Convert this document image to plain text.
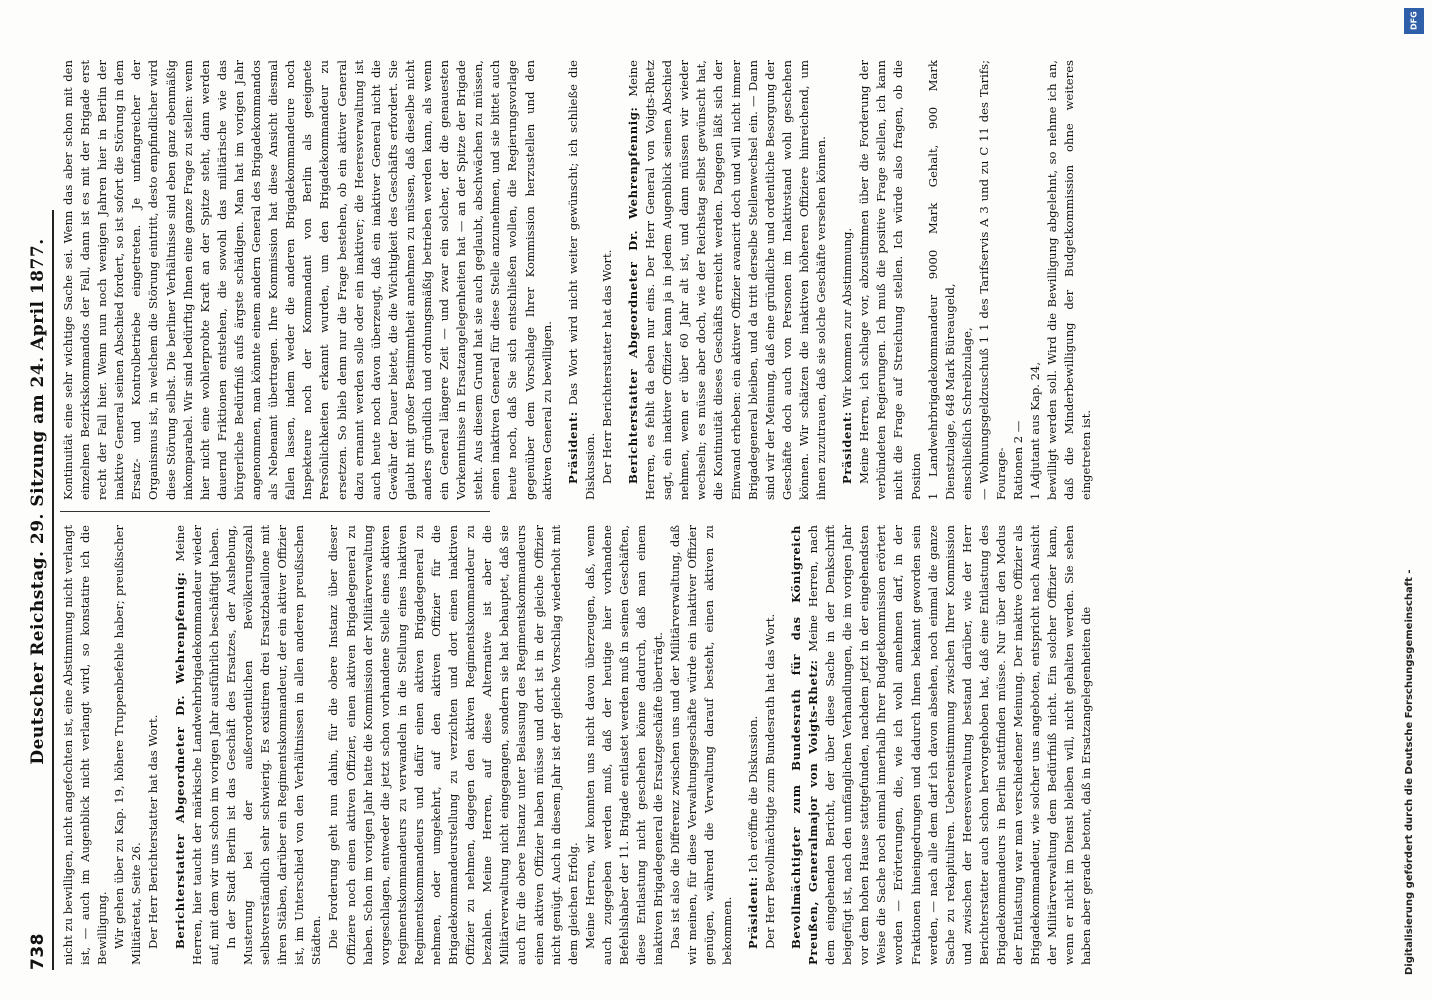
738
Deutscher Reichstag. 29. Sitzung am 24. April 1877. nicht zu bewilligen, nicht angefochten ist, eine Abstimmung nicht verlangt ist, — auch im Augenblick nicht verlangt wird, so konstatire ich die Bewilligung. Wir gehen über zu Kap. 19, höhere Truppenbefehle haber; preußischer Militäretat, Seite 26. Der Herr Berichterstatter hat das Wort. Berichterstatter Abgeordneter Dr. Wehrenpfennig: Meine Herren, hier taucht der märkische Landwehrbrigadekommandeur wieder auf, mit dem wir uns schon im vorigen Jahr ausführlich beschäftigt haben. In der Stadt Berlin ist das Geschäft des Ersatzes, der Aushebung, Musterung bei der außerordentlichen Bevölkerungszahl selbstverständlich sehr schwierig. Es existiren drei Ersatzbataillone mit ihren Stäben, darüber ein Regimentskommandeur, der ein aktiver Offizier ist, im Unterschied von den Verhältnissen in allen anderen preußischen Städten. Die Forderung geht nun dahin, für die obere Instanz über dieser Offiziere noch einen aktiven Offizier, einen aktiven Brigadegeneral zu haben. Schon im vorigen Jahr hatte die Kommission der Militärverwaltung vorgeschlagen, entweder die jetzt schon vorhandene Stelle eines aktiven Regimentskommandeurs zu verwandeln in die Stellung eines inaktiven Regimentskommandeurs und dafür einen aktiven Brigadegeneral zu nehmen, oder umgekehrt, auf den aktiven Offizier für die Brigadekommandeurstellung zu verzichten und dort einen inaktiven Offizier zu nehmen, dagegen den aktiven Regimentskommandeur zu bezahlen. Meine Herren, auf diese Alternative ist aber die Militärverwaltung nicht eingegangen, sondern sie hat behauptet, daß sie auch für die obere Instanz unter Belassung des Regimentskommandeurs einen aktiven Offizier haben müsse und dort ist in der gleiche Offizier nicht genügt. Auch in diesem Jahr ist der gleiche Vorschlag wiederholt mit dem gleichen Erfolg. Meine Herren, wir konnten uns nicht davon überzeugen, daß, wenn auch zugegeben werden muß, daß der heutige hier vorhandene Befehlshaber der 11. Brigade entlastet werden muß in seinen Geschäften, diese Entlastung nicht geschehen könne dadurch, daß man einem inaktiven Brigadegeneral die Ersatzgeschäfte überträgt. Das ist also die Differenz zwischen uns und der Militärverwaltung, daß wir meinen, für diese Verwaltungsgeschäfte würde ein inaktiver Offizier genügen, während die Verwaltung darauf besteht, einen aktiven zu bekommen. Präsident: Ich eröffne die Diskussion. Der Herr Bevollmächtigte zum Bundesrath hat das Wort. Bevollmächtigter zum Bundesrath für das Königreich Preußen, Generalmajor von Voigts-Rhetz: Meine Herren, nach dem eingehenden Bericht, der über diese Sache in der Denkschrift beigefügt ist, nach den umfänglichen Verhandlungen, die im vorigen Jahr vor dem hohen Hause stattgefunden, nachdem jetzt in der eingehendsten Weise die Sache noch einmal innerhalb Ihrer Budgetkommission erörtert worden — Erörterungen, die, wie ich wohl annehmen darf, in der Fraktionen hineingedrungen und dadurch Ihnen bekannt geworden sein werden, — nach alle dem darf ich davon absehen, noch einmal die ganze Sache zu rekapituliren. Uebereinstimmung zwischen Ihrer Kommission und zwischen der Heeresverwaltung bestand darüber, wie der Herr Berichterstatter auch schon hervorgehoben hat, daß eine Entlastung des Brigadekommandeurs in Berlin stattfinden müsse. Nur über den Modus der Entlastung war man verschiedener Meinung. Der inaktive Offizier als Brigadekommandeur, wie solcher uns angeboten, entspricht nach Ansicht der Militärverwaltung dem Bedürfniß nicht. Ein solcher Offizier kann, wenn er nicht im Dienst bleiben will, nicht gehalten werden. Sie sehen haben aber gerade betont, daß in Ersatzangelegenheiten die

Kontinuität eine sehr wichtige Sache sei. Wenn das aber schon mit den einzelnen Bezirkskommandos der Fall, dann ist es mit der Brigade erst recht der Fall hier. Wenn nun noch wenigen Jahren hier in Berlin der inaktive General seinen Abschied fordert, so ist sofort die Störung in dem Ersatz- und Kontrolbetriebe eingetreten. Je umfangreicher der Organismus ist, in welchem die Störung eintritt, desto empfindlicher wird diese Störung selbst. Die berliner Verhältnisse sind eben ganz ebenmäßig inkomparabel. Wir sind bedürftig Ihnen eine ganze Frage zu stellen: wenn hier nicht eine wohlerprobte Kraft an der Spitze steht, dann werden dauernd Friktionen entstehen, die sowohl das militärische wie das bürgerliche Bedürfniß aufs ärgste schädigen. Man hat im vorigen Jahr angenommen, man könnte einem andern General des Brigadekommandos als Nebenamt übertragen. Ihre Kommission hat diese Ansicht diesmal fallen lassen, indem weder die anderen Brigadekommandeure noch Inspekteure noch der Kommandant von Berlin als geeignete Persönlichkeiten erkannt wurden, um den Brigadekommandeur zu ersetzen. So blieb denn nur die Frage bestehen, ob ein aktiver General dazu ernannt werden solle oder ein inaktiver; die Heeresverwaltung ist auch heute noch davon überzeugt, daß ein inaktiver General nicht die Gewähr der Dauer bietet, die die Wichtigkeit des Geschäfts erfordert. Sie glaubt mit großer Bestimmtheit annehmen zu müssen, daß dieselbe nicht anders gründlich und ordnungsmäßig betrieben werden kann, als wenn ein General längere Zeit — und zwar ein solcher, der die genauesten Vorkenntnisse in Ersatzangelegenheiten hat — an der Spitze der Brigade steht. Aus diesem Grund hat sie auch geglaubt, abschwächen zu müssen, einen inaktiven General für diese Stelle anzunehmen, und sie bittet auch heute noch, daß Sie sich entschließen wollen, die Regierungsvorlage gegenüber dem Vorschlage Ihrer Kommission herzustellen und den aktiven General zu bewilligen. Präsident: Das Wort wird nicht weiter gewünscht; ich schließe die Diskussion. Der Herr Berichterstatter hat das Wort. Berichterstatter Abgeordneter Dr. Wehrenpfennig: Meine Herren, es fehlt da eben nur eins. Der Herr General von Voigts-Rhetz sagt, ein inaktiver Offizier kann ja in jedem Augenblick seinen Abschied nehmen, wenn er über 60 Jahr alt ist, und dann müssen wir wieder wechseln; es müsse aber doch, wie der Reichstag selbst gewünscht hat, die Kontinuität dieses Geschäfts erreicht werden. Dagegen läßt sich der Einwand erheben: ein aktiver Offizier avancirt doch und will nicht immer Brigadegeneral bleiben, und da tritt derselbe Stellenwechsel ein. — Dann sind wir der Meinung, daß eine gründliche und ordentliche Besorgung der Geschäfte doch auch von Personen im Inaktivstand wohl geschehen können. Wir schätzen die inaktiven höheren Offiziere hinreichend, um ihnen zuzutrauen, daß sie solche Geschäfte versehen können. Präsident: Wir kommen zur Abstimmung. Meine Herren, ich schlage vor, abzustimmen über die Forderung der verbündeten Regierungen. Ich muß die positive Frage stellen, ich kann nicht die Frage auf Streichung stellen. Ich würde also fragen, ob die Position 1 Landwehrbrigadekommandeur 9000 Mark Gehalt, 900 Mark Dienstzulage, 648 Mark Büreaugeld, einschließlich Schreibzulage, — Wohnungsgeldzuschuß 1 1 des Tarifservis A 3 und zu C 11 des Tarifs; Fourage- Rationen 2 — 1 Adjutant aus Kap. 24, bewilligt werden soll. Wird die Bewilligung abgelehnt, so nehme ich an, daß die Minderbewilligung der Budgetkommission ohne weiteres eingetreten ist.

DFG
Digitalisierung gefördert durch die Deutsche Forschungsgemeinschaft -
